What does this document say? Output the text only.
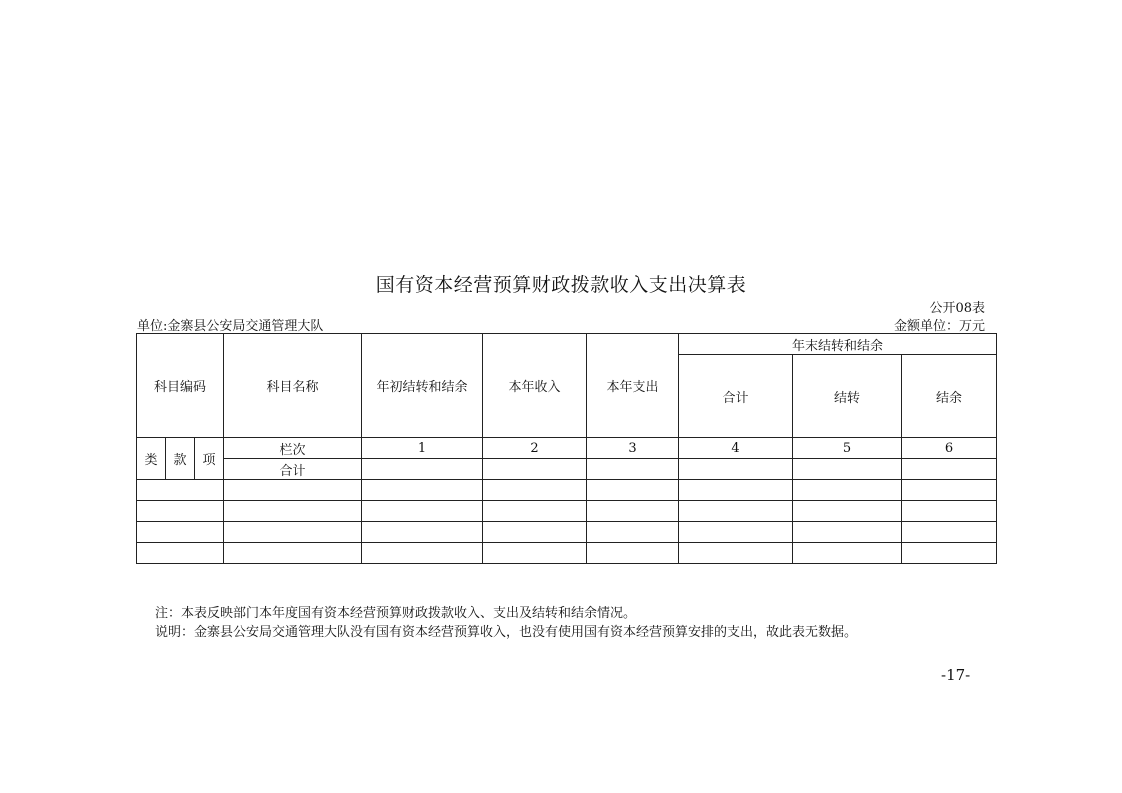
国有资本经营预算财政拨款收入支出决算表
公开08表
单位:金寨县公安局交通管理大队	金额单位：万元
科目编码			科目名称	年初结转和结余	本年收入	本年支出	年末结转和结余		
							合计	结转	结余
类	款	项	栏次	1	2	3	4	5	6
			合计						

注：本表反映部门本年度国有资本经营预算财政拨款收入、支出及结转和结余情况。
说明：金寨县公安局交通管理大队没有国有资本经营预算收入，也没有使用国有资本经营预算安排的支出，故此表无数据。
-17-
